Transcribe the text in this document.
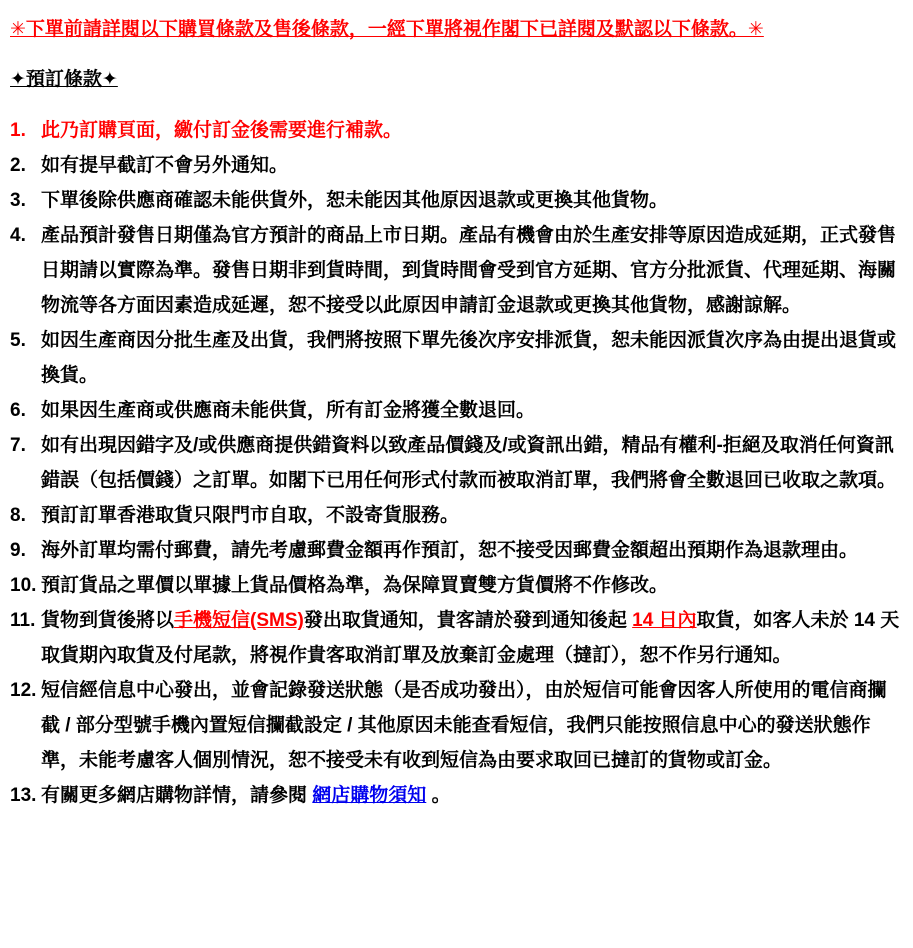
✳下單前請詳閱以下購買條款及售後條款，一經下單將視作閣下已詳閱及默認以下條款。✳
✦預訂條款✦
1. 此乃訂購頁面，繳付訂金後需要進行補款。
2. 如有提早截訂不會另外通知。
3. 下單後除供應商確認未能供貨外，恕未能因其他原因退款或更換其他貨物。
4. 產品預計發售日期僅為官方預計的商品上市日期。產品有機會由於生產安排等原因造成延期，正式發售日期請以實際為準。發售日期非到貨時間，到貨時間會受到官方延期、官方分批派貨、代理延期、海關物流等各方面因素造成延遲，恕不接受以此原因申請訂金退款或更換其他貨物，感謝諒解。
5. 如因生產商因分批生產及出貨，我們將按照下單先後次序安排派貨，恕未能因派貨次序為由提出退貨或換貨。
6. 如果因生產商或供應商未能供貨，所有訂金將獲全數退回。
7. 如有出現因錯字及/或供應商提供錯資料以致產品價錢及/或資訊出錯，精品有權利-拒絕及取消任何資訊錯誤（包括價錢）之訂單。如閣下已用任何形式付款而被取消訂單，我們將會全數退回已收取之款項。
8. 預訂訂單香港取貨只限門市自取，不設寄貨服務。
9. 海外訂單均需付郵費，請先考慮郵費金額再作預訂，恕不接受因郵費金額超出預期作為退款理由。
10. 預訂貨品之單價以單據上貨品價格為準，為保障買賣雙方貨價將不作修改。
11. 貨物到貨後將以手機短信(SMS)發出取貨通知，貴客請於發到通知後起 14 日內取貨，如客人未於 14 天取貨期內取貨及付尾款，將視作貴客取消訂單及放棄訂金處理（撻訂），恕不作另行通知。
12. 短信經信息中心發出，並會記錄發送狀態（是否成功發出），由於短信可能會因客人所使用的電信商攔截 / 部分型號手機內置短信攔截設定 / 其他原因未能查看短信，我們只能按照信息中心的發送狀態作準，未能考慮客人個別情況，恕不接受未有收到短信為由要求取回已撻訂的貨物或訂金。
13. 有關更多網店購物詳情，請參閱 網店購物須知 。
